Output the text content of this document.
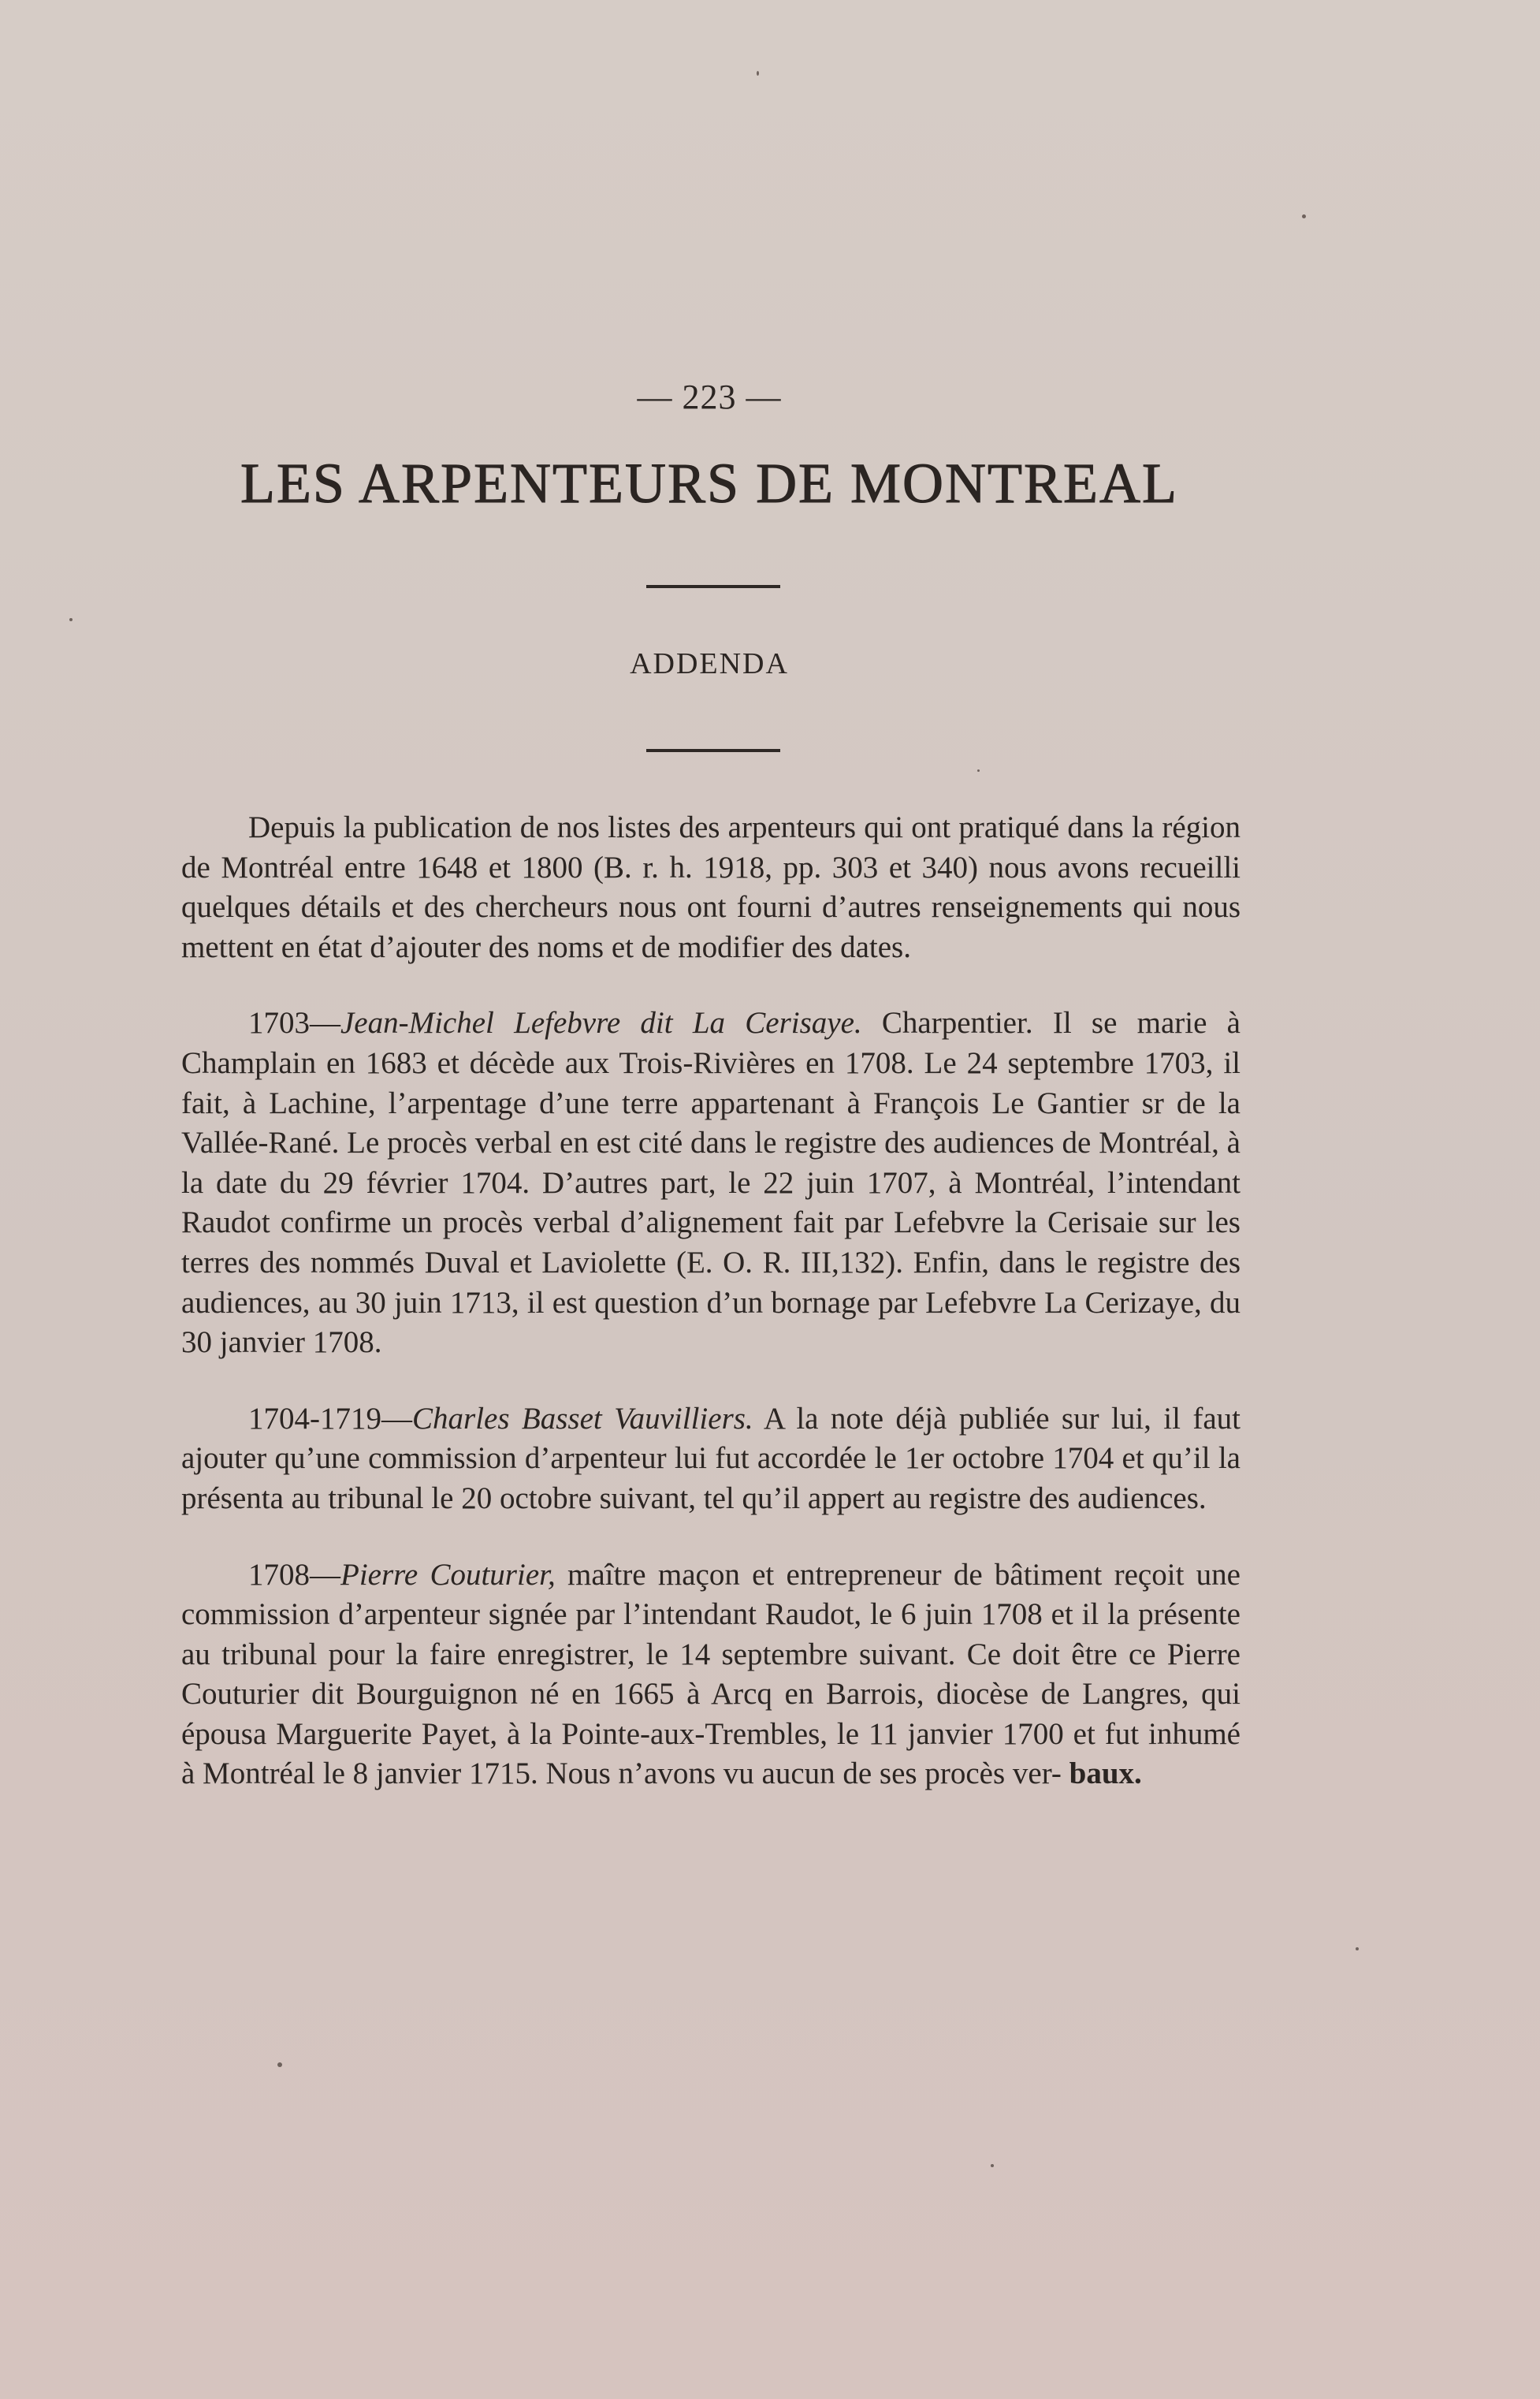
— 223 —
LES ARPENTEURS DE MONTREAL
ADDENDA

Depuis la publication de nos listes des arpenteurs qui ont pratiqué dans la région de Montréal entre 1648 et 1800 (B. r. h. 1918, pp. 303 et 340) nous avons recueilli quelques détails et des chercheurs nous ont fourni d’autres renseignements qui nous mettent en état d’ajouter des noms et de modifier des dates.

1703—Jean-Michel Lefebvre dit La Cerisaye. Charpentier. Il se marie à Champlain en 1683 et décède aux Trois-Rivières en 1708. Le 24 septembre 1703, il fait, à Lachine, l’arpentage d’une terre appartenant à François Le Gantier sr de la Vallée-Rané. Le procès verbal en est cité dans le registre des audiences de Montréal, à la date du 29 février 1704. D’autres part, le 22 juin 1707, à Montréal, l’intendant Raudot confirme un procès verbal d’alignement fait par Lefebvre la Cerisaie sur les terres des nommés Duval et Laviolette (E. O. R. III,132). Enfin, dans le registre des audiences, au 30 juin 1713, il est question d’un bornage par Lefebvre La Cerizaye, du 30 janvier 1708.

1704-1719—Charles Basset Vauvilliers. A la note déjà publiée sur lui, il faut ajouter qu’une commission d’arpenteur lui fut accordée le 1er octobre 1704 et qu’il la présenta au tribunal le 20 octobre suivant, tel qu’il appert au registre des audiences.

1708—Pierre Couturier, maître maçon et entrepreneur de bâtiment reçoit une commission d’arpenteur signée par l’intendant Raudot, le 6 juin 1708 et il la présente au tribunal pour la faire enregistrer, le 14 septembre suivant. Ce doit être ce Pierre Couturier dit Bourguignon né en 1665 à Arcq en Barrois, diocèse de Langres, qui épousa Marguerite Payet, à la Pointe-aux-Trembles, le 11 janvier 1700 et fut inhumé à Montréal le 8 janvier 1715. Nous n’avons vu aucun de ses procès ver- baux.
